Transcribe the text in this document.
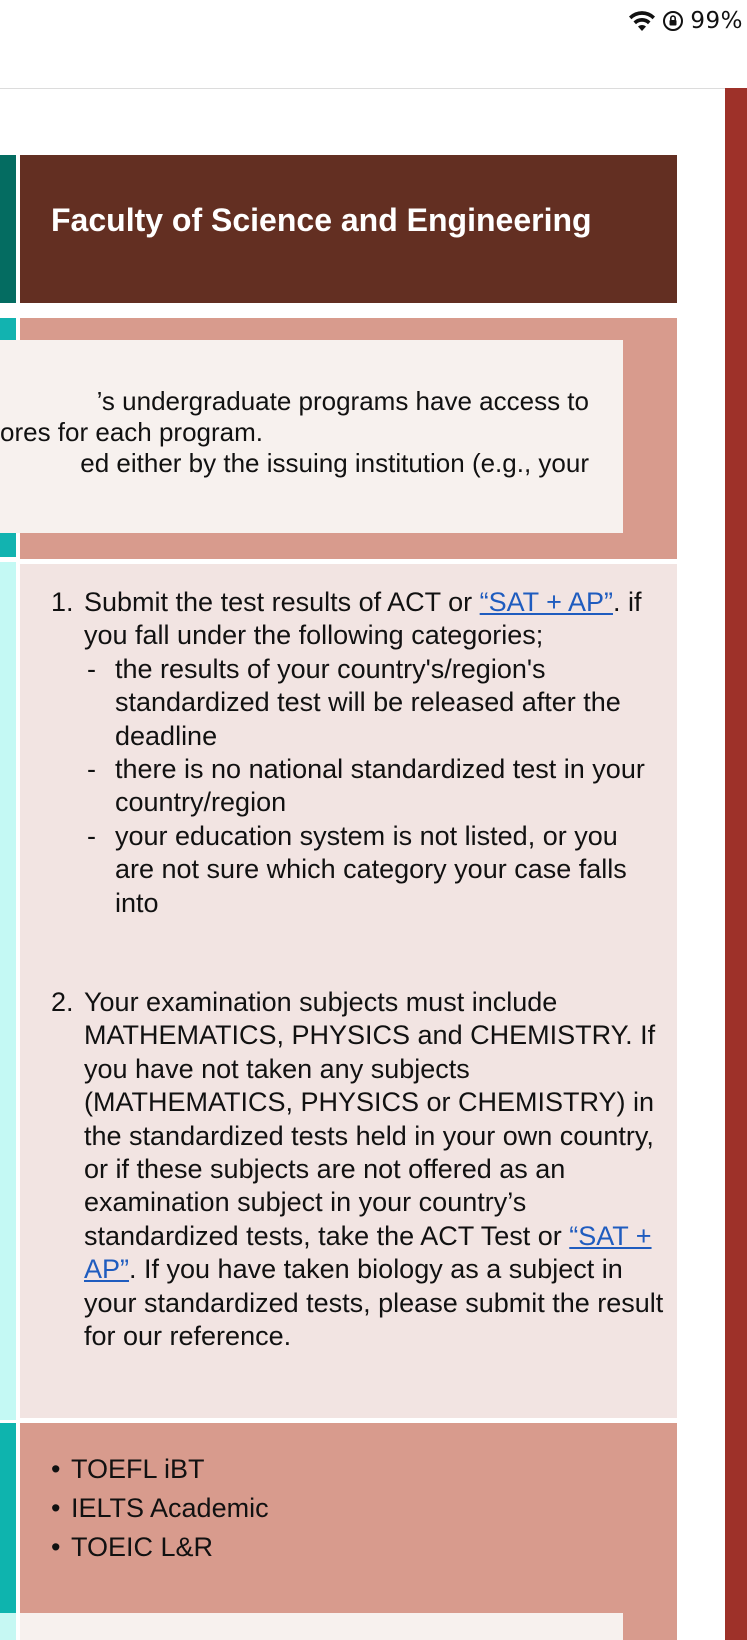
99%
Faculty of Science and Engineering
’s undergraduate programs have access to
ores for each program.
ed either by the issuing institution (e.g., your
1. Submit the test results of ACT or “SAT + AP”. if you fall under the following categories;
- the results of your country's/region's standardized test will be released after the deadline
- there is no national standardized test in your country/region
- your education system is not listed, or you are not sure which category your case falls into
2. Your examination subjects must include MATHEMATICS, PHYSICS and CHEMISTRY. If you have not taken any subjects (MATHEMATICS, PHYSICS or CHEMISTRY) in the standardized tests held in your own country, or if these subjects are not offered as an examination subject in your country’s standardized tests, take the ACT Test or “SAT + AP”. If you have taken biology as a subject in your standardized tests, please submit the result for our reference.
• TOEFL iBT
• IELTS Academic
• TOEIC L&R
